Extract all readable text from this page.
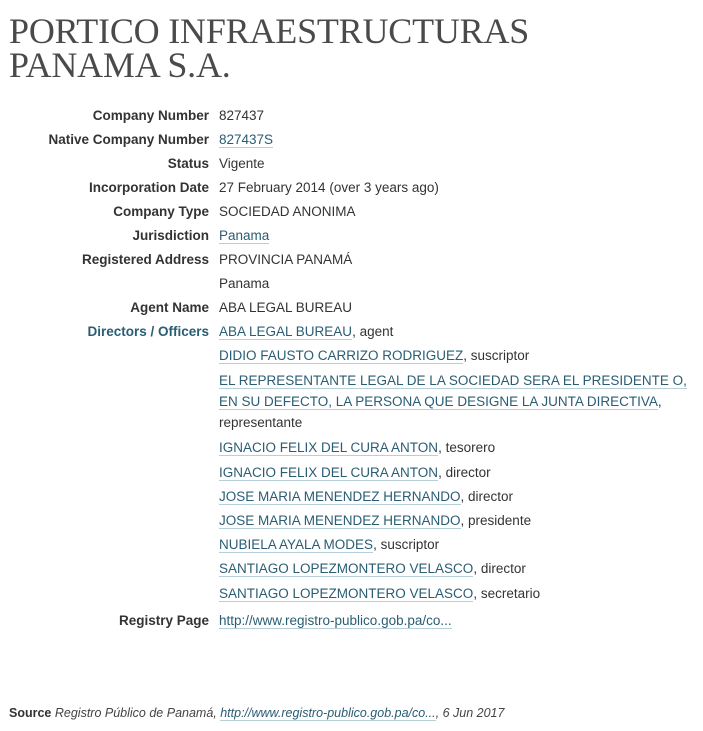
PORTICO INFRAESTRUCTURAS
PANAMA S.A.
Company Number 827437
Native Company Number 827437S
Status Vigente
Incorporation Date 27 February 2014 (over 3 years ago)
Company Type SOCIEDAD ANONIMA
Jurisdiction Panama
Registered Address PROVINCIA PANAMÁ
Panama
Agent Name ABA LEGAL BUREAU
Directors / Officers ABA LEGAL BUREAU, agent
DIDIO FAUSTO CARRIZO RODRIGUEZ, suscriptor
EL REPRESENTANTE LEGAL DE LA SOCIEDAD SERA EL PRESIDENTE O,
EN SU DEFECTO, LA PERSONA QUE DESIGNE LA JUNTA DIRECTIVA,
representante
IGNACIO FELIX DEL CURA ANTON, tesorero
IGNACIO FELIX DEL CURA ANTON, director
JOSE MARIA MENENDEZ HERNANDO, director
JOSE MARIA MENENDEZ HERNANDO, presidente
NUBIELA AYALA MODES, suscriptor
SANTIAGO LOPEZMONTERO VELASCO, director
SANTIAGO LOPEZMONTERO VELASCO, secretario
Registry Page http://www.registro-publico.gob.pa/co...
Source Registro Público de Panamá, http://www.registro-publico.gob.pa/co..., 6 Jun 2017
